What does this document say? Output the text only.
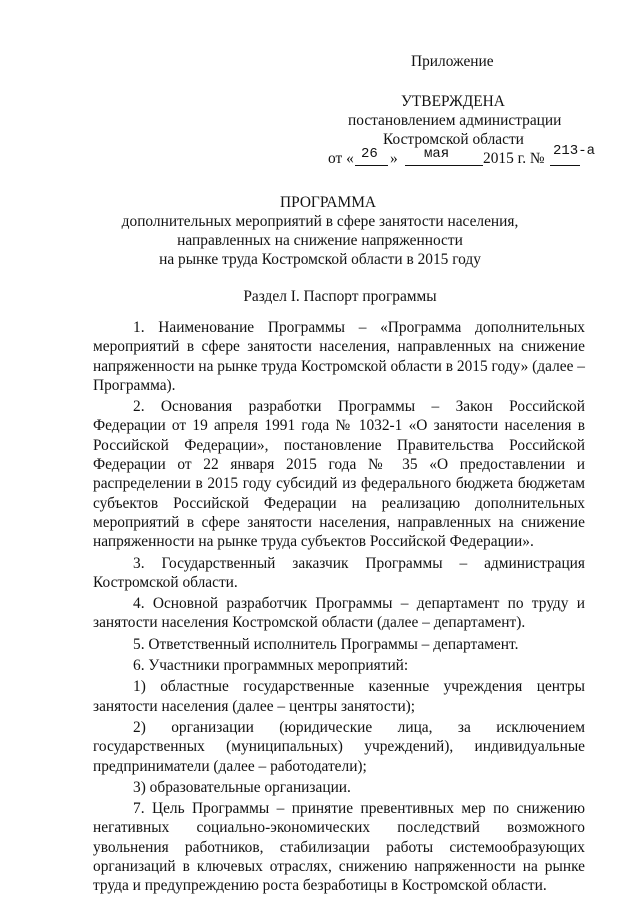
Приложение
УТВЕРЖДЕНА
постановлением администрации
Костромской области
от « 26 » мая 2015 г. № 213-а
ПРОГРАММА
дополнительных мероприятий в сфере занятости населения,
направленных на снижение напряженности
на рынке труда Костромской области в 2015 году
Раздел I. Паспорт программы

1. Наименование Программы – «Программа дополнительных мероприятий в сфере занятости населения, направленных на снижение напряженности на рынке труда Костромской области в 2015 году» (далее – Программа).

2. Основания разработки Программы – Закон Российской Федерации от 19 апреля 1991 года № 1032-1 «О занятости населения в Российской Федерации», постановление Правительства Российской Федерации от 22 января 2015 года № 35 «О предоставлении и распределении в 2015 году субсидий из федерального бюджета бюджетам субъектов Российской Федерации на реализацию дополнительных мероприятий в сфере занятости населения, направленных на снижение напряженности на рынке труда субъектов Российской Федерации».

3. Государственный заказчик Программы – администрация Костромской области.

4. Основной разработчик Программы – департамент по труду и занятости населения Костромской области (далее – департамент).

5. Ответственный исполнитель Программы – департамент.

6. Участники программных мероприятий:

1) областные государственные казенные учреждения центры занятости населения (далее – центры занятости);

2) организации (юридические лица, за исключением государственных (муниципальных) учреждений), индивидуальные предприниматели (далее – работодатели);

3) образовательные организации.

7. Цель Программы – принятие превентивных мер по снижению негативных социально-экономических последствий возможного увольнения работников, стабилизации работы системообразующих организаций в ключевых отраслях, снижению напряженности на рынке труда и предупреждению роста безработицы в Костромской области.
